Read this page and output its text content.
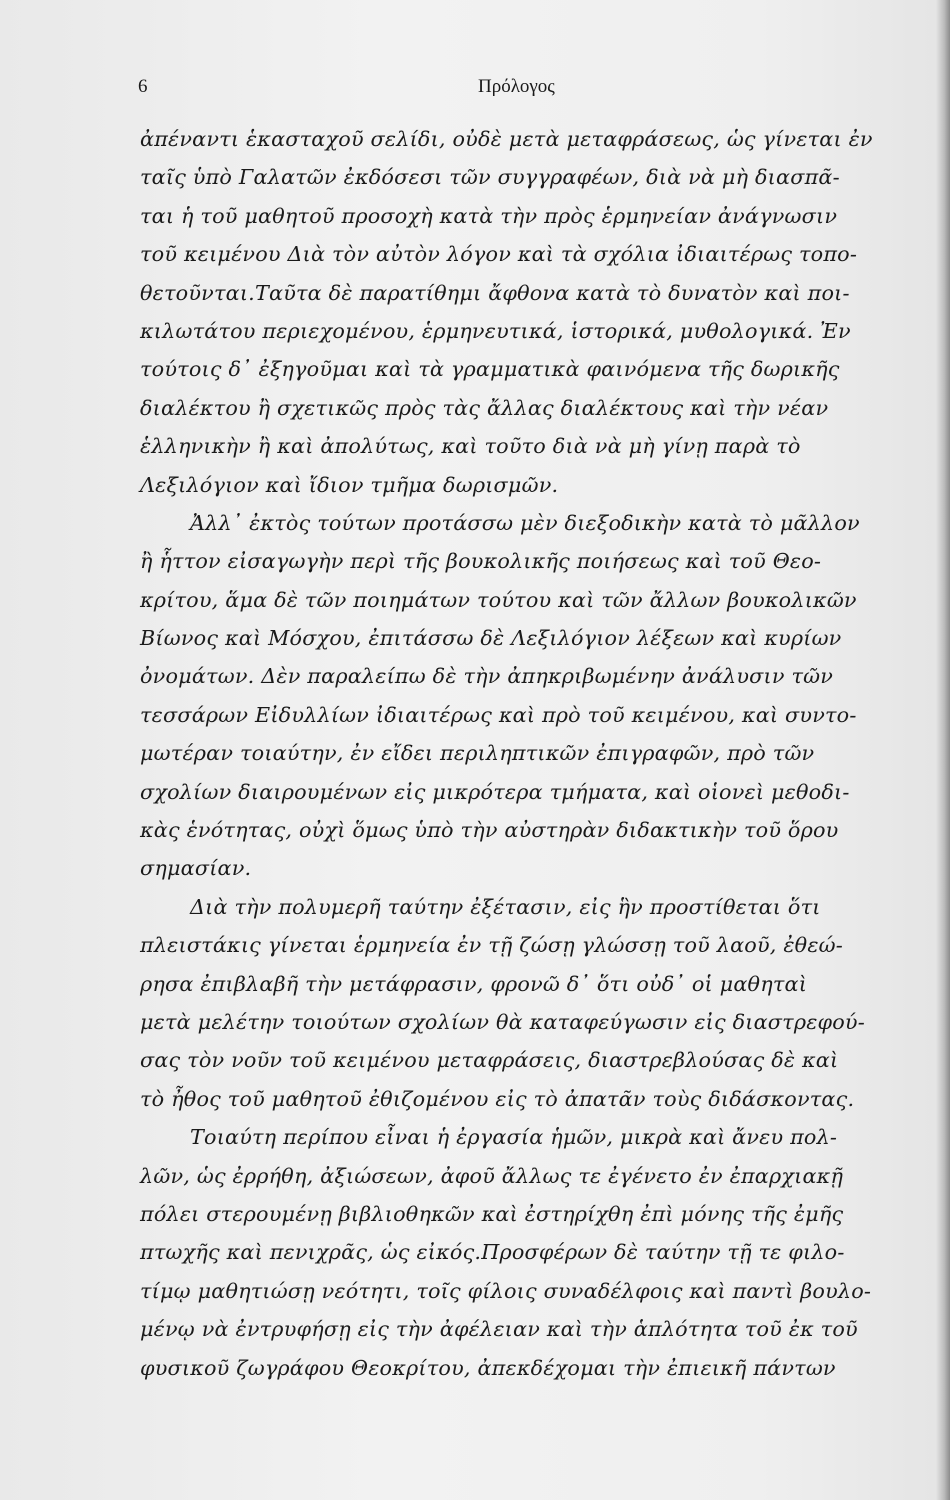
6	Πρόλογος
ἀπέναντι ἑκασταχοῦ σελίδι, οὐδὲ μετὰ μεταφράσεως, ὡς γίνεται ἐν
ταῖς ὑπὸ Γαλατῶν ἐκδόσεσι τῶν συγγραφέων, διὰ νὰ μὴ διασπᾶ-
ται ἡ τοῦ μαθητοῦ προσοχὴ κατὰ τὴν πρὸς ἑρμηνείαν ἀνάγνωσιν
τοῦ κειμένου Διὰ τὸν αὐτὸν λόγον καὶ τὰ σχόλια ἰδιαιτέρως τοπο-
θετοῦνται.Ταῦτα δὲ παρατίθημι ἄφθονα κατὰ τὸ δυνατὸν καὶ ποι-
κιλωτάτου περιεχομένου, ἑρμηνευτικά, ἱστορικά, μυθολογικά. Ἐν
τούτοις δ᾽ ἐξηγοῦμαι καὶ τὰ γραμματικὰ φαινόμενα τῆς δωρικῆς
διαλέκτου ἢ σχετικῶς πρὸς τὰς ἄλλας διαλέκτους καὶ τὴν νέαν
ἑλληνικὴν ἢ καὶ ἀπολύτως, καὶ τοῦτο διὰ νὰ μὴ γίνῃ παρὰ τὸ
Λεξιλόγιον καὶ ἴδιον τμῆμα δωρισμῶν.
Ἀλλ᾽ ἐκτὸς τούτων προτάσσω μὲν διεξοδικὴν κατὰ τὸ μᾶλλον
ἢ ἧττον εἰσαγωγὴν περὶ τῆς βουκολικῆς ποιήσεως καὶ τοῦ Θεο-
κρίτου, ἅμα δὲ τῶν ποιημάτων τούτου καὶ τῶν ἄλλων βουκολικῶν
Βίωνος καὶ Μόσχου, ἐπιτάσσω δὲ Λεξιλόγιον λέξεων καὶ κυρίων
ὀνομάτων. Δὲν παραλείπω δὲ τὴν ἀπηκριβωμένην ἀνάλυσιν τῶν
τεσσάρων Εἰδυλλίων ἰδιαιτέρως καὶ πρὸ τοῦ κειμένου, καὶ συντο-
μωτέραν τοιαύτην, ἐν εἴδει περιληπτικῶν ἐπιγραφῶν, πρὸ τῶν
σχολίων διαιρουμένων εἰς μικρότερα τμήματα, καὶ οἱονεὶ μεθοδι-
κὰς ἑνότητας, οὐχὶ ὅμως ὑπὸ τὴν αὐστηρὰν διδακτικὴν τοῦ ὅρου
σημασίαν.
Διὰ τὴν πολυμερῆ ταύτην ἐξέτασιν, εἰς ἣν προστίθεται ὅτι
πλειστάκις γίνεται ἑρμηνεία ἐν τῇ ζώσῃ γλώσσῃ τοῦ λαοῦ, ἐθεώ-
ρησα ἐπιβλαβῆ τὴν μετάφρασιν, φρονῶ δ᾽ ὅτι οὐδ᾽ οἱ μαθηταὶ
μετὰ μελέτην τοιούτων σχολίων θὰ καταφεύγωσιν εἰς διαστρεφού-
σας τὸν νοῦν τοῦ κειμένου μεταφράσεις, διαστρεβλούσας δὲ καὶ
τὸ ἦθος τοῦ μαθητοῦ ἐθιζομένου εἰς τὸ ἀπατᾶν τοὺς διδάσκοντας.
Τοιαύτη περίπου εἶναι ἡ ἐργασία ἡμῶν, μικρὰ καὶ ἄνευ πολ-
λῶν, ὡς ἐρρήθη, ἀξιώσεων, ἀφοῦ ἄλλως τε ἐγένετο ἐν ἐπαρχιακῇ
πόλει στερουμένῃ βιβλιοθηκῶν καὶ ἐστηρίχθη ἐπὶ μόνης τῆς ἐμῆς
πτωχῆς καὶ πενιχρᾶς, ὡς εἰκός.Προσφέρων δὲ ταύτην τῇ τε φιλο-
τίμῳ μαθητιώσῃ νεότητι, τοῖς φίλοις συναδέλφοις καὶ παντὶ βουλο-
μένῳ νὰ ἐντρυφήσῃ εἰς τὴν ἀφέλειαν καὶ τὴν ἁπλότητα τοῦ ἐκ τοῦ
φυσικοῦ ζωγράφου Θεοκρίτου, ἀπεκδέχομαι τὴν ἐπιεικῆ πάντων
